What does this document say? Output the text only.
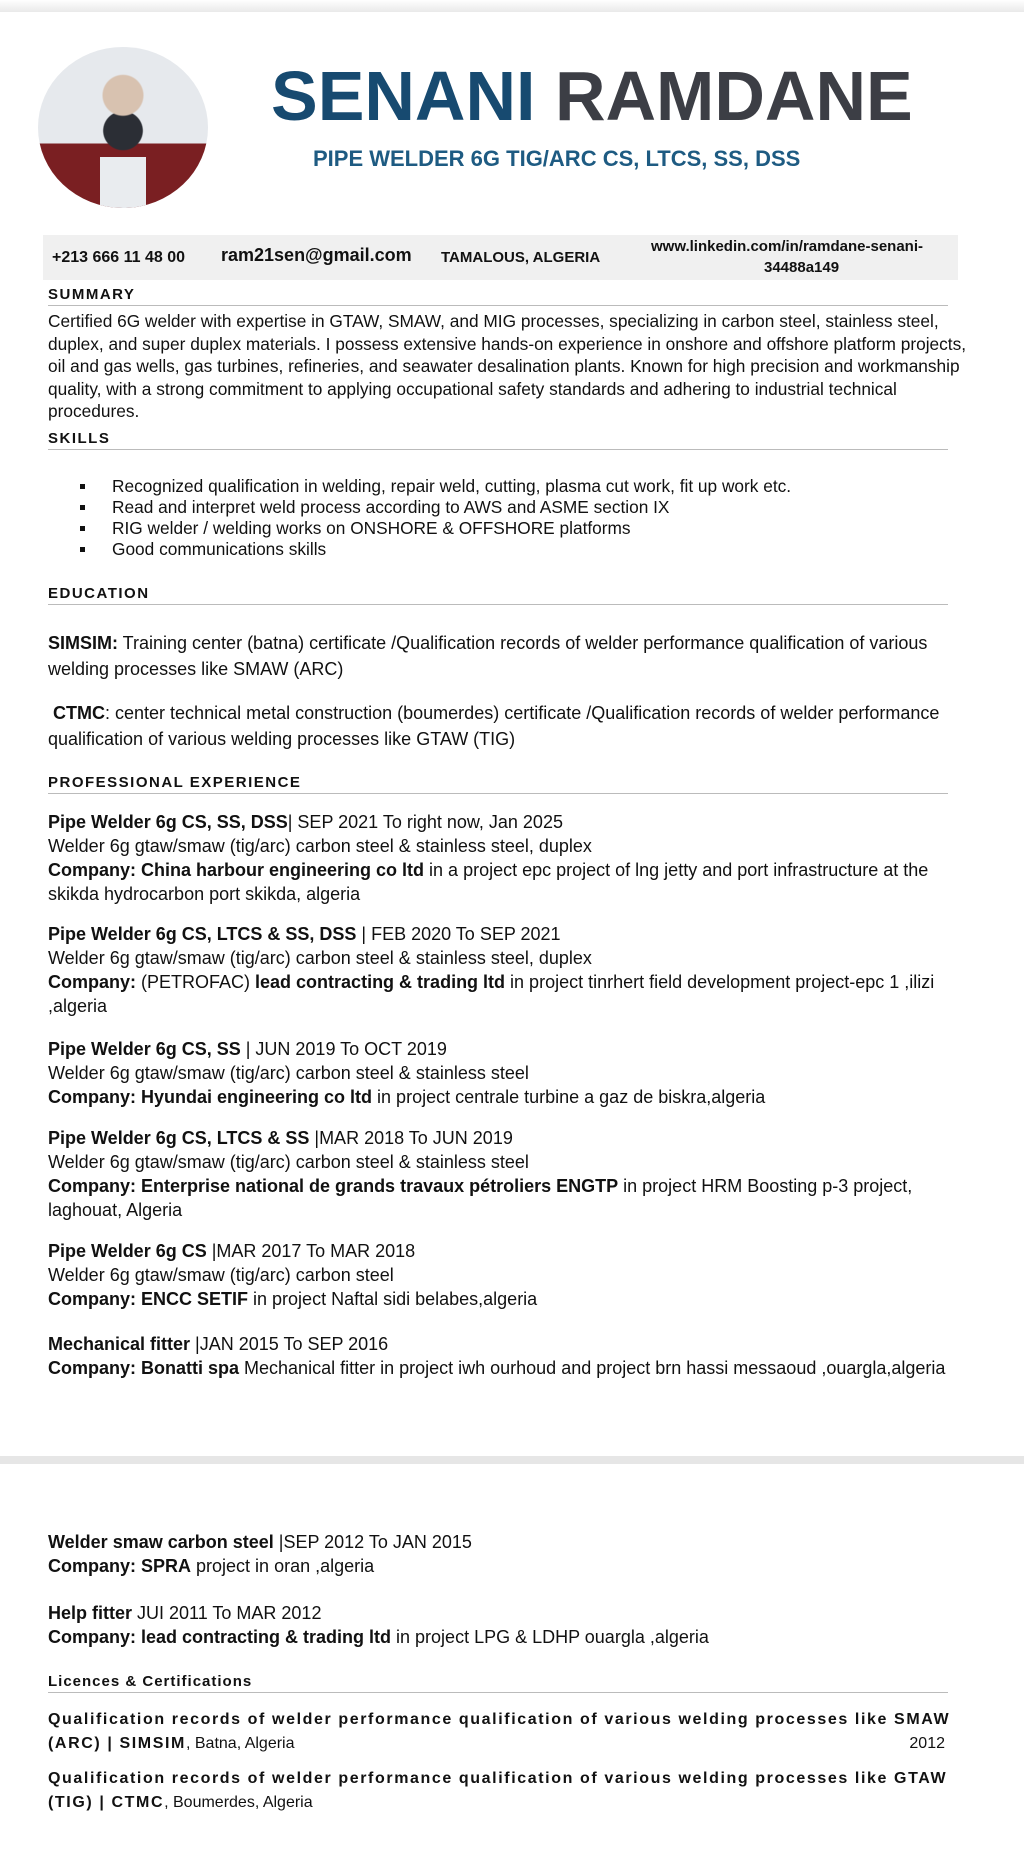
SENANI RAMDANE
PIPE WELDER 6G TIG/ARC CS, LTCS, SS, DSS
+213 666 11 48 00 ram21sen@gmail.com TAMALOUS, ALGERIA
www.linkedin.com/in/ramdane-senani-
34488a149
SUMMARY
Certified 6G welder with expertise in GTAW, SMAW, and MIG processes, specializing in carbon steel, stainless steel, duplex, and super duplex materials. I possess extensive hands-on experience in onshore and offshore platform projects, oil and gas wells, gas turbines, refineries, and seawater desalination plants. Known for high precision and workmanship quality, with a strong commitment to applying occupational safety standards and adhering to industrial technical procedures.
SKILLS
Recognized qualification in welding, repair weld, cutting, plasma cut work, fit up work etc.
Read and interpret weld process according to AWS and ASME section IX
RIG welder / welding works on ONSHORE & OFFSHORE platforms
Good communications skills
EDUCATION
SIMSIM: Training center (batna) certificate /Qualification records of welder performance qualification of various welding processes like SMAW (ARC)
CTMC: center technical metal construction (boumerdes) certificate /Qualification records of welder performance qualification of various welding processes like GTAW (TIG)
PROFESSIONAL EXPERIENCE
Pipe Welder 6g CS, SS, DSS| SEP 2021 To right now, Jan 2025
Welder 6g gtaw/smaw (tig/arc) carbon steel & stainless steel, duplex
Company: China harbour engineering co ltd in a project epc project of lng jetty and port infrastructure at the skikda hydrocarbon port skikda, algeria
Pipe Welder 6g CS, LTCS & SS, DSS | FEB 2020 To SEP 2021
Welder 6g gtaw/smaw (tig/arc) carbon steel & stainless steel, duplex
Company: (PETROFAC) lead contracting & trading ltd in project tinrhert field development project-epc 1 ,ilizi ,algeria
Pipe Welder 6g CS, SS | JUN 2019 To OCT 2019
Welder 6g gtaw/smaw (tig/arc) carbon steel & stainless steel
Company: Hyundai engineering co ltd in project centrale turbine a gaz de biskra,algeria
Pipe Welder 6g CS, LTCS & SS |MAR 2018 To JUN 2019
Welder 6g gtaw/smaw (tig/arc) carbon steel & stainless steel
Company: Enterprise national de grands travaux pétroliers ENGTP in project HRM Boosting p-3 project, laghouat, Algeria
Pipe Welder 6g CS |MAR 2017 To MAR 2018
Welder 6g gtaw/smaw (tig/arc) carbon steel
Company: ENCC SETIF in project Naftal sidi belabes,algeria
Mechanical fitter |JAN 2015 To SEP 2016
Company: Bonatti spa Mechanical fitter in project iwh ourhoud and project brn hassi messaoud ,ouargla,algeria
Welder smaw carbon steel |SEP 2012 To JAN 2015
Company: SPRA project in oran ,algeria
Help fitter JUI 2011 To MAR 2012
Company: lead contracting & trading ltd in project LPG & LDHP ouargla ,algeria
Licences & Certifications
Qualification records of welder performance qualification of various welding processes like SMAW (ARC) | SIMSIM, Batna, Algeria	2012
Qualification records of welder performance qualification of various welding processes like GTAW (TIG) | CTMC, Boumerdes, Algeria
